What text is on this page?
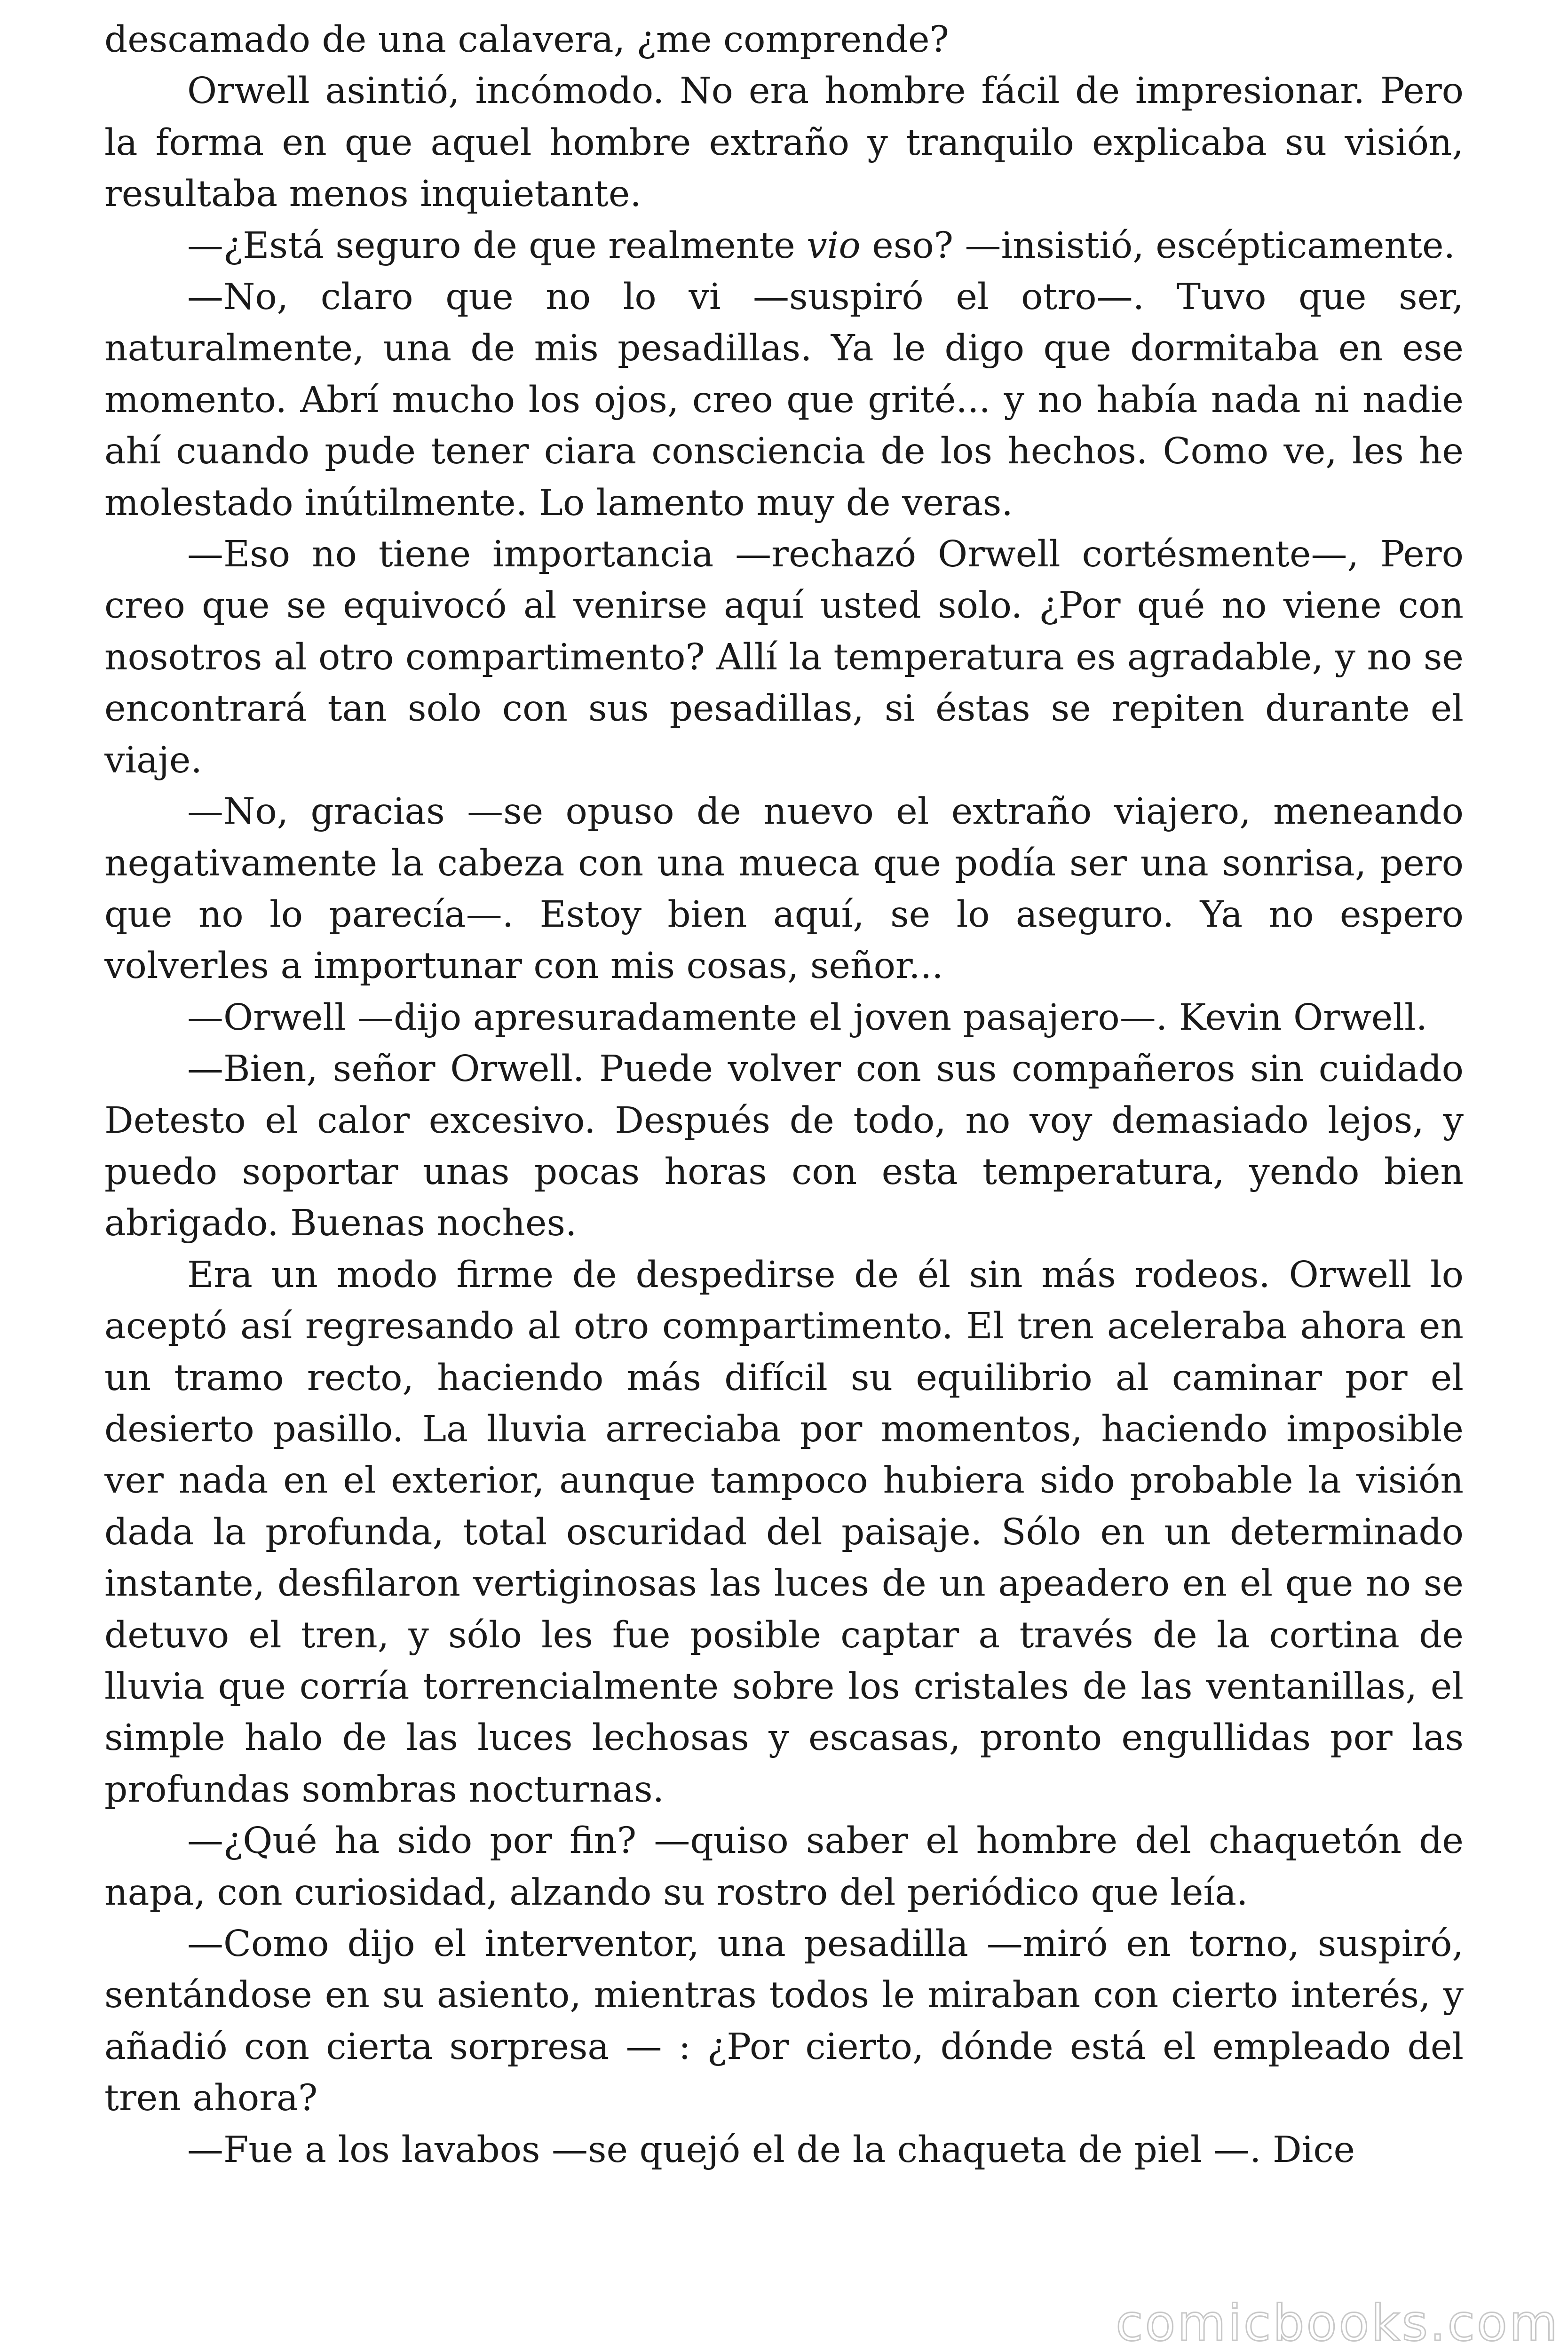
descamado de una calavera, ¿me comprende?

Orwell asintió, incómodo. No era hombre fácil de impresionar. Pero la forma en que aquel hombre extraño y tranquilo explicaba su visión, resultaba menos inquietante.

—¿Está seguro de que realmente vio eso? —insistió, escépticamente.

—No, claro que no lo vi —suspiró el otro—. Tuvo que ser, naturalmente, una de mis pesadillas. Ya le digo que dormitaba en ese momento. Abrí mucho los ojos, creo que grité... y no había nada ni nadie ahí cuando pude tener ciara consciencia de los hechos. Como ve, les he molestado inútilmente. Lo lamento muy de veras.

—Eso no tiene importancia —rechazó Orwell cortésmente—, Pero creo que se equivocó al venirse aquí usted solo. ¿Por qué no viene con nosotros al otro compartimento? Allí la temperatura es agradable, y no se encontrará tan solo con sus pesadillas, si éstas se repiten durante el viaje.

—No, gracias —se opuso de nuevo el extraño viajero, meneando negativamente la cabeza con una mueca que podía ser una sonrisa, pero que no lo parecía—. Estoy bien aquí, se lo aseguro. Ya no espero volverles a importunar con mis cosas, señor...

—Orwell —dijo apresuradamente el joven pasajero—. Kevin Orwell.

—Bien, señor Orwell. Puede volver con sus compañeros sin cuidado Detesto el calor excesivo. Después de todo, no voy demasiado lejos, y puedo soportar unas pocas horas con esta temperatura, yendo bien abrigado. Buenas noches.

Era un modo firme de despedirse de él sin más rodeos. Orwell lo aceptó así regresando al otro compartimento. El tren aceleraba ahora en un tramo recto, haciendo más difícil su equilibrio al caminar por el desierto pasillo. La lluvia arreciaba por momentos, haciendo imposible ver nada en el exterior, aunque tampoco hubiera sido probable la visión dada la profunda, total oscuridad del paisaje. Sólo en un determinado instante, desfilaron vertiginosas las luces de un apeadero en el que no se detuvo el tren, y sólo les fue posible captar a través de la cortina de lluvia que corría torrencialmente sobre los cristales de las ventanillas, el simple halo de las luces lechosas y escasas, pronto engullidas por las profundas sombras nocturnas.

—¿Qué ha sido por fin? —quiso saber el hombre del chaquetón de napa, con curiosidad, alzando su rostro del periódico que leía.

—Como dijo el interventor, una pesadilla —miró en torno, suspiró, sentándose en su asiento, mientras todos le miraban con cierto interés, y añadió con cierta sorpresa — : ¿Por cierto, dónde está el empleado del tren ahora?

—Fue a los lavabos —se quejó el de la chaqueta de piel —. Dice

comicbooks.com
